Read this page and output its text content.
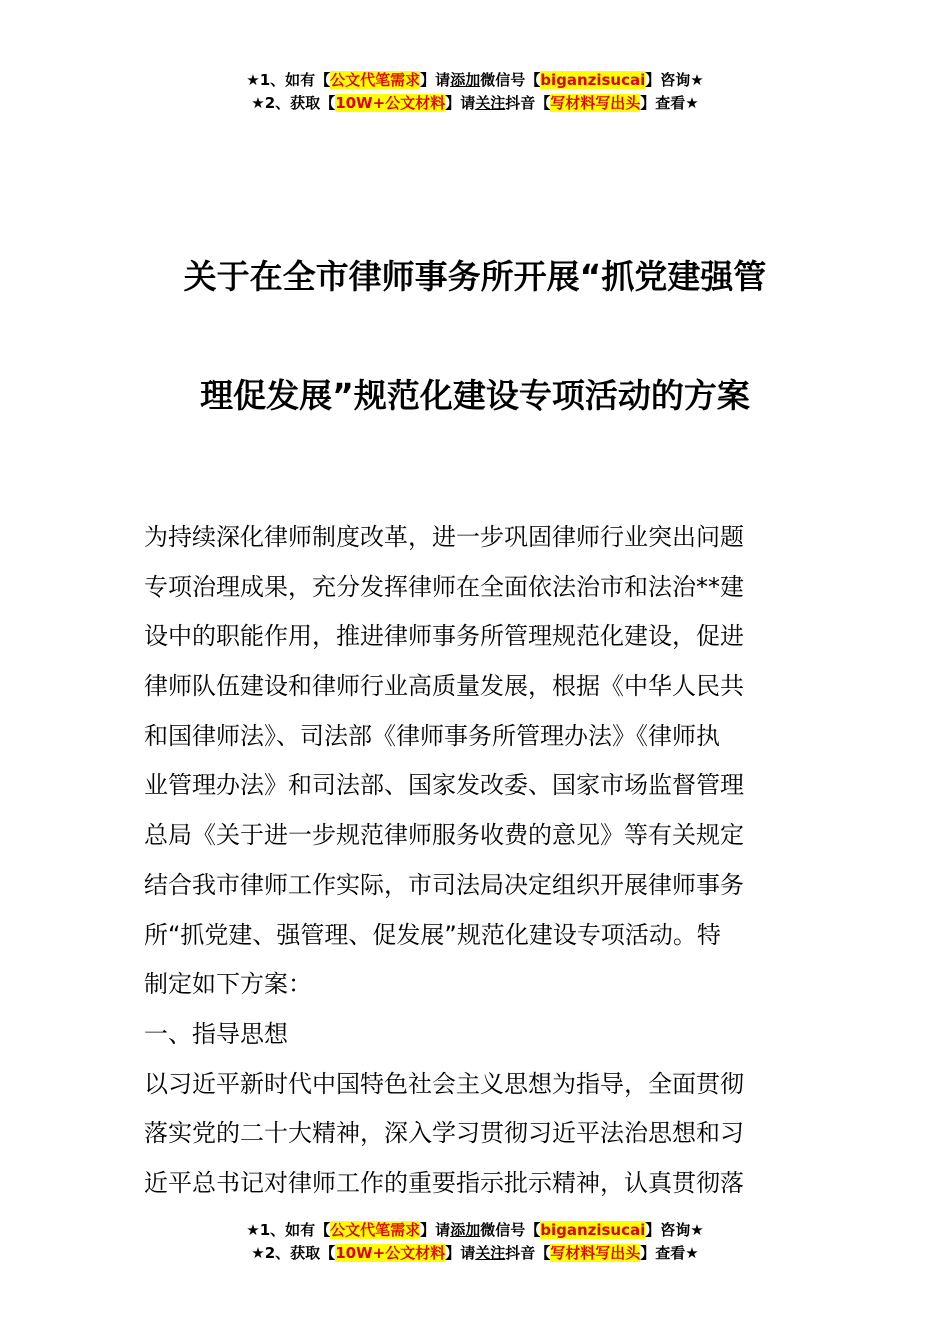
★1、如有【公文代笔需求】请添加微信号【biganzisucai】咨询★
★2、获取【10W+公文材料】请关注抖音【写材料写出头】查看★
关于在全市律师事务所开展“抓党建强管
理促发展”规范化建设专项活动的方案
为持续深化律师制度改革，进一步巩固律师行业突出问题
专项治理成果，充分发挥律师在全面依法治市和法治**建
设中的职能作用，推进律师事务所管理规范化建设，促进
律师队伍建设和律师行业高质量发展，根据《中华人民共
和国律师法》、司法部《律师事务所管理办法》《律师执
业管理办法》和司法部、国家发改委、国家市场监督管理
总局《关于进一步规范律师服务收费的意见》等有关规定
结合我市律师工作实际，市司法局决定组织开展律师事务
所“抓党建、强管理、促发展”规范化建设专项活动。特
制定如下方案：
一、指导思想
以习近平新时代中国特色社会主义思想为指导，全面贯彻
落实党的二十大精神，深入学习贯彻习近平法治思想和习
近平总书记对律师工作的重要指示批示精神，认真贯彻落
★1、如有【公文代笔需求】请添加微信号【biganzisucai】咨询★
★2、获取【10W+公文材料】请关注抖音【写材料写出头】查看★
